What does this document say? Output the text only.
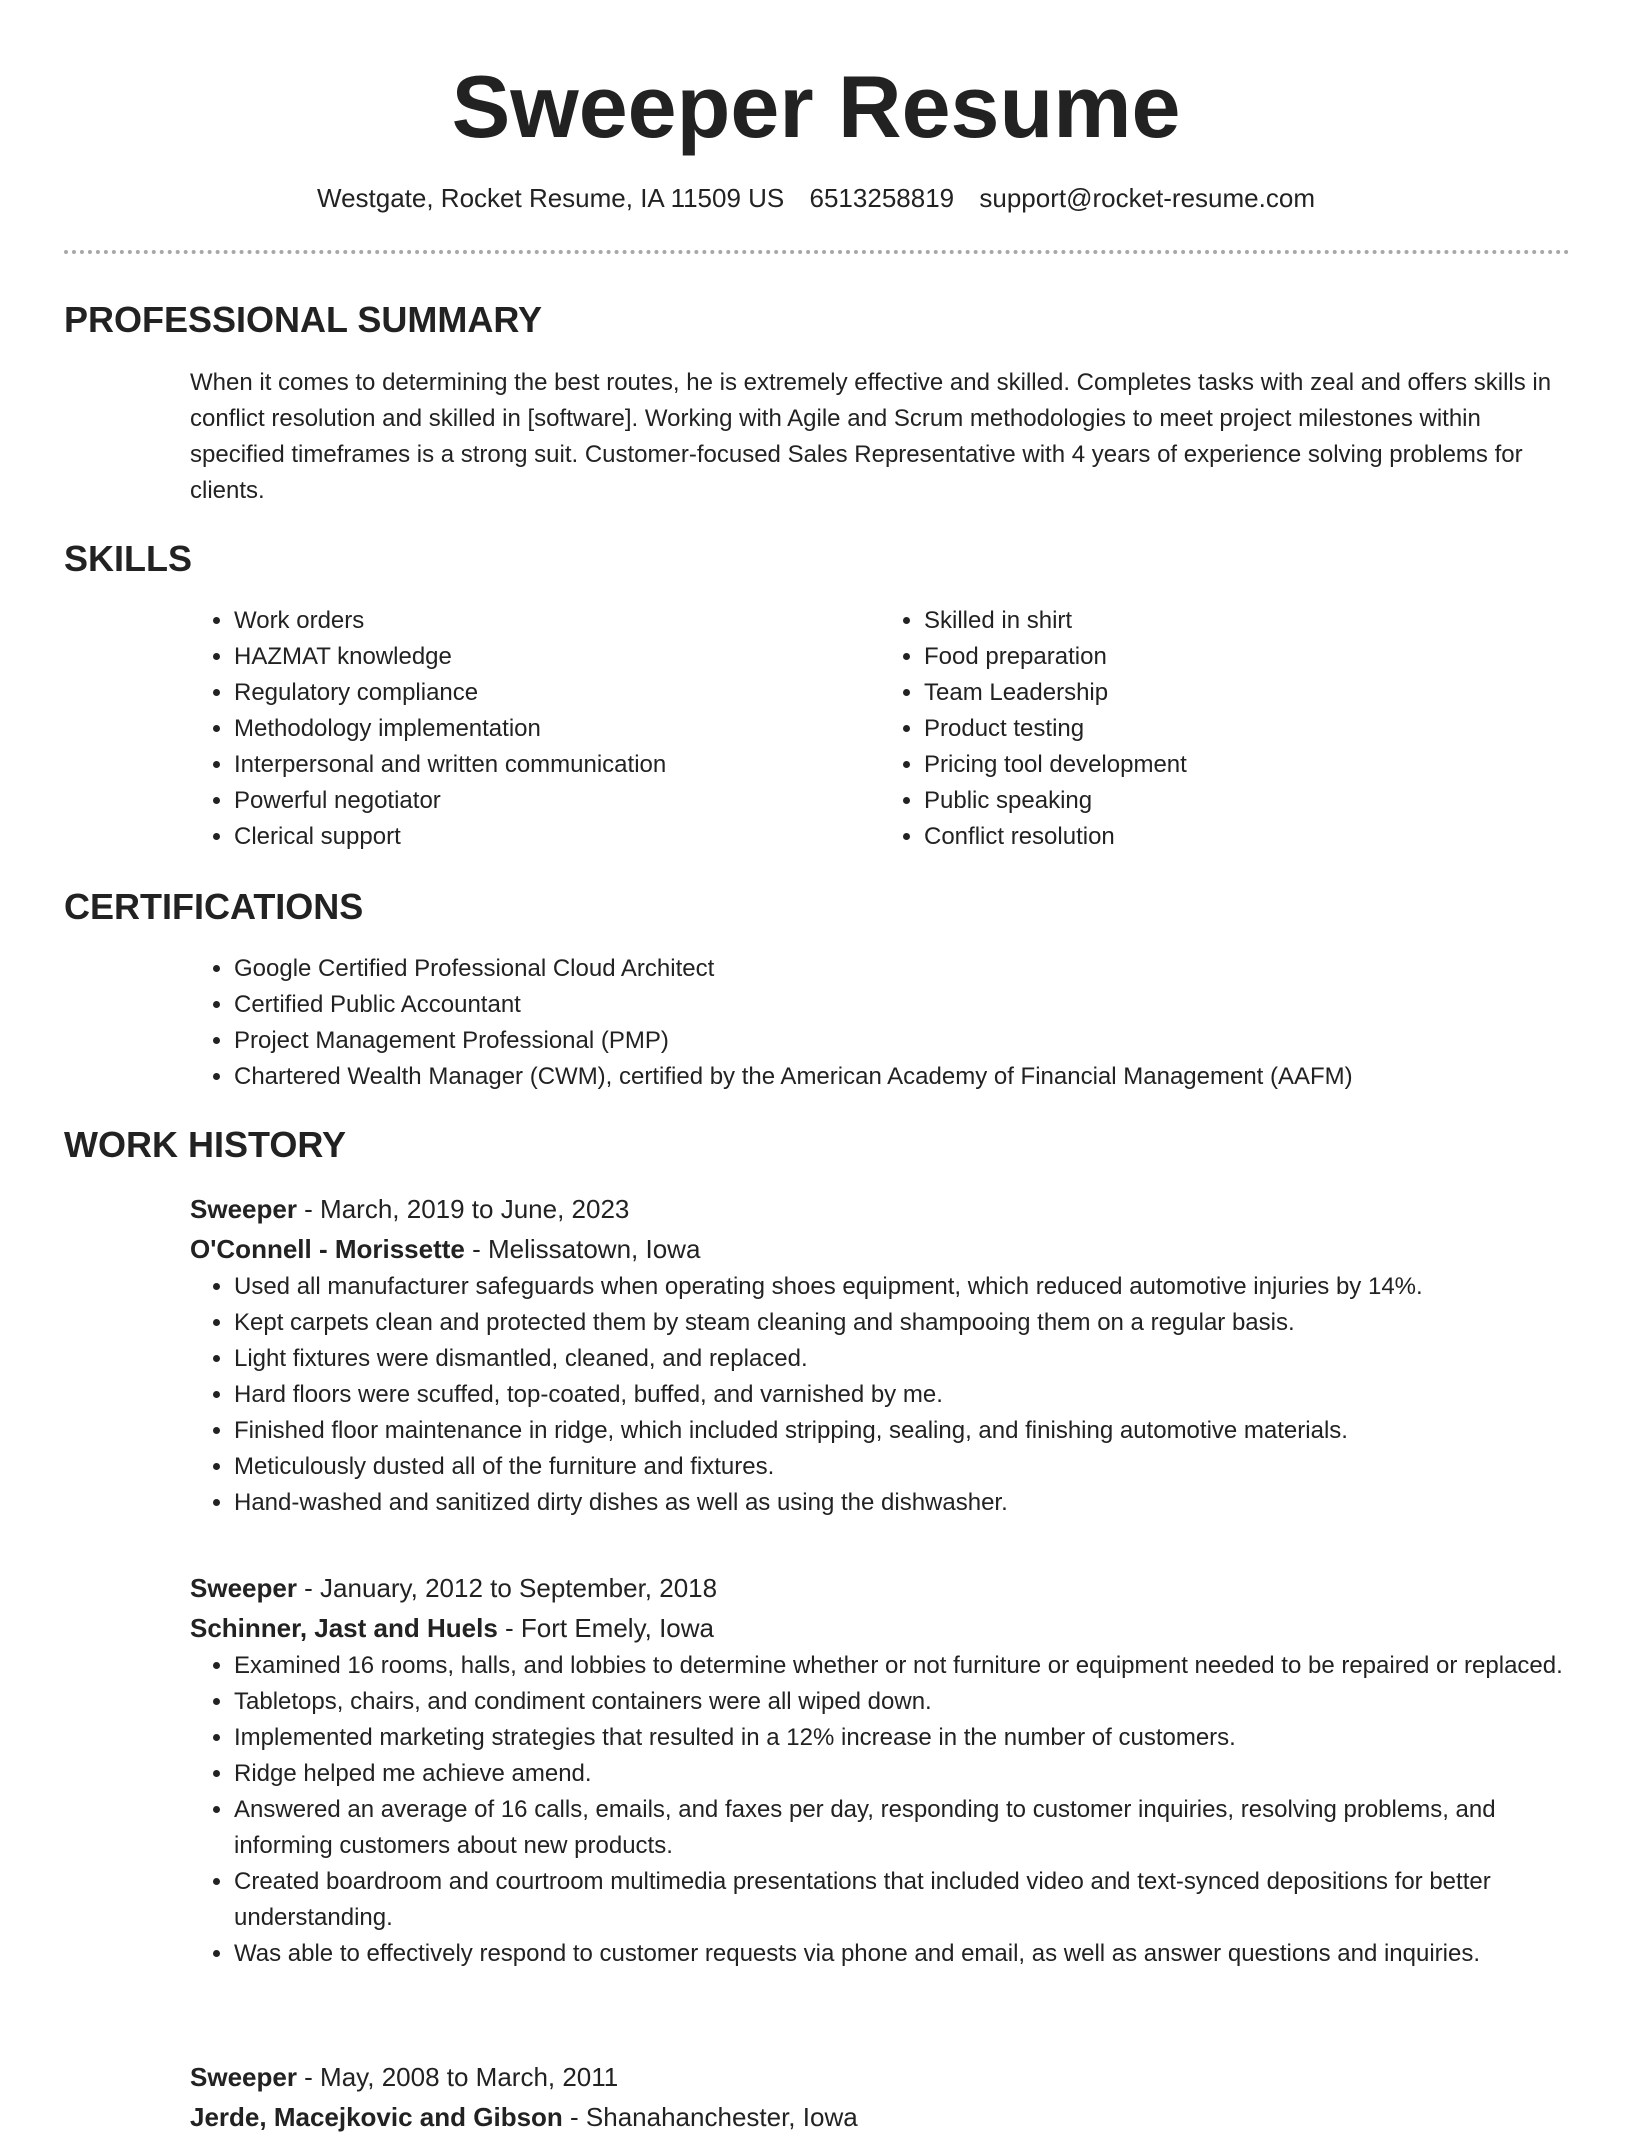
Sweeper Resume
Westgate, Rocket Resume, IA 11509 US 6513258819 support@rocket-resume.com
PROFESSIONAL SUMMARY

When it comes to determining the best routes, he is extremely effective and skilled. Completes tasks with zeal and offers skills in conflict resolution and skilled in [software]. Working with Agile and Scrum methodologies to meet project milestones within specified timeframes is a strong suit. Customer-focused Sales Representative with 4 years of experience solving problems for clients.

SKILLS
• Work orders
• HAZMAT knowledge
• Regulatory compliance
• Methodology implementation
• Interpersonal and written communication
• Powerful negotiator
• Clerical support
• Skilled in shirt
• Food preparation
• Team Leadership
• Product testing
• Pricing tool development
• Public speaking
• Conflict resolution
CERTIFICATIONS
• Google Certified Professional Cloud Architect
• Certified Public Accountant
• Project Management Professional (PMP)
• Chartered Wealth Manager (CWM), certified by the American Academy of Financial Management (AAFM)
WORK HISTORY

Sweeper - March, 2019 to June, 2023

O'Connell - Morissette - Melissatown, Iowa

• Used all manufacturer safeguards when operating shoes equipment, which reduced automotive injuries by 14%.
• Kept carpets clean and protected them by steam cleaning and shampooing them on a regular basis.
• Light fixtures were dismantled, cleaned, and replaced.
• Hard floors were scuffed, top-coated, buffed, and varnished by me.
• Finished floor maintenance in ridge, which included stripping, sealing, and finishing automotive materials.
• Meticulously dusted all of the furniture and fixtures.
• Hand-washed and sanitized dirty dishes as well as using the dishwasher.

Sweeper - January, 2012 to September, 2018

Schinner, Jast and Huels - Fort Emely, Iowa

• Examined 16 rooms, halls, and lobbies to determine whether or not furniture or equipment needed to be repaired or replaced.
• Tabletops, chairs, and condiment containers were all wiped down.
• Implemented marketing strategies that resulted in a 12% increase in the number of customers.
• Ridge helped me achieve amend.
• Answered an average of 16 calls, emails, and faxes per day, responding to customer inquiries, resolving problems, and informing customers about new products.
• Created boardroom and courtroom multimedia presentations that included video and text-synced depositions for better understanding.
• Was able to effectively respond to customer requests via phone and email, as well as answer questions and inquiries.

Sweeper - May, 2008 to March, 2011

Jerde, Macejkovic and Gibson - Shanahanchester, Iowa
